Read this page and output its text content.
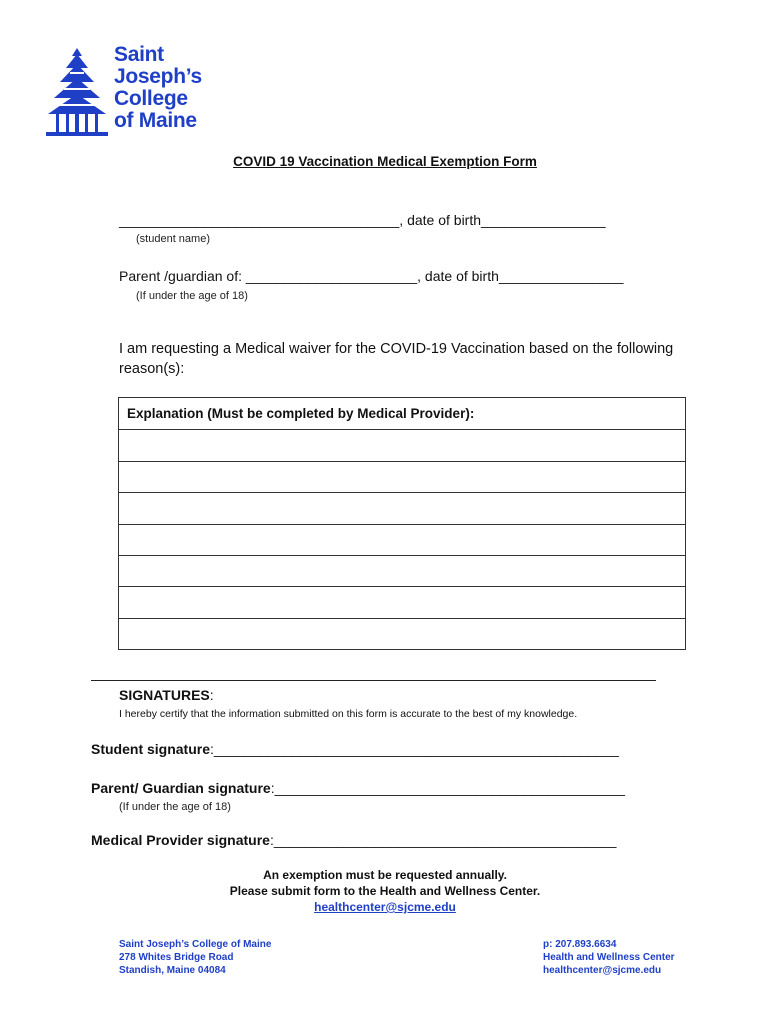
Saint
Joseph’s
College
of Maine
COVID 19 Vaccination Medical Exemption Form
____________________________________, date of birth________________
(student name)
Parent /guardian of: ______________________, date of birth________________
(If under the age of 18)
I am requesting a Medical waiver for the COVID-19 Vaccination based on the following reason(s):
Explanation (Must be completed by Medical Provider):
SIGNATURES:
I hereby certify that the information submitted on this form is accurate to the best of my knowledge.
Student signature:____________________________________________________
Parent/ Guardian signature:_____________________________________________
(If under the age of 18)
Medical Provider signature:____________________________________________
An exemption must be requested annually.
Please submit form to the Health and Wellness Center.
healthcenter@sjcme.edu
Saint Joseph’s College of Maine
278 Whites Bridge Road
Standish, Maine 04084
p: 207.893.6634
Health and Wellness Center
healthcenter@sjcme.edu
